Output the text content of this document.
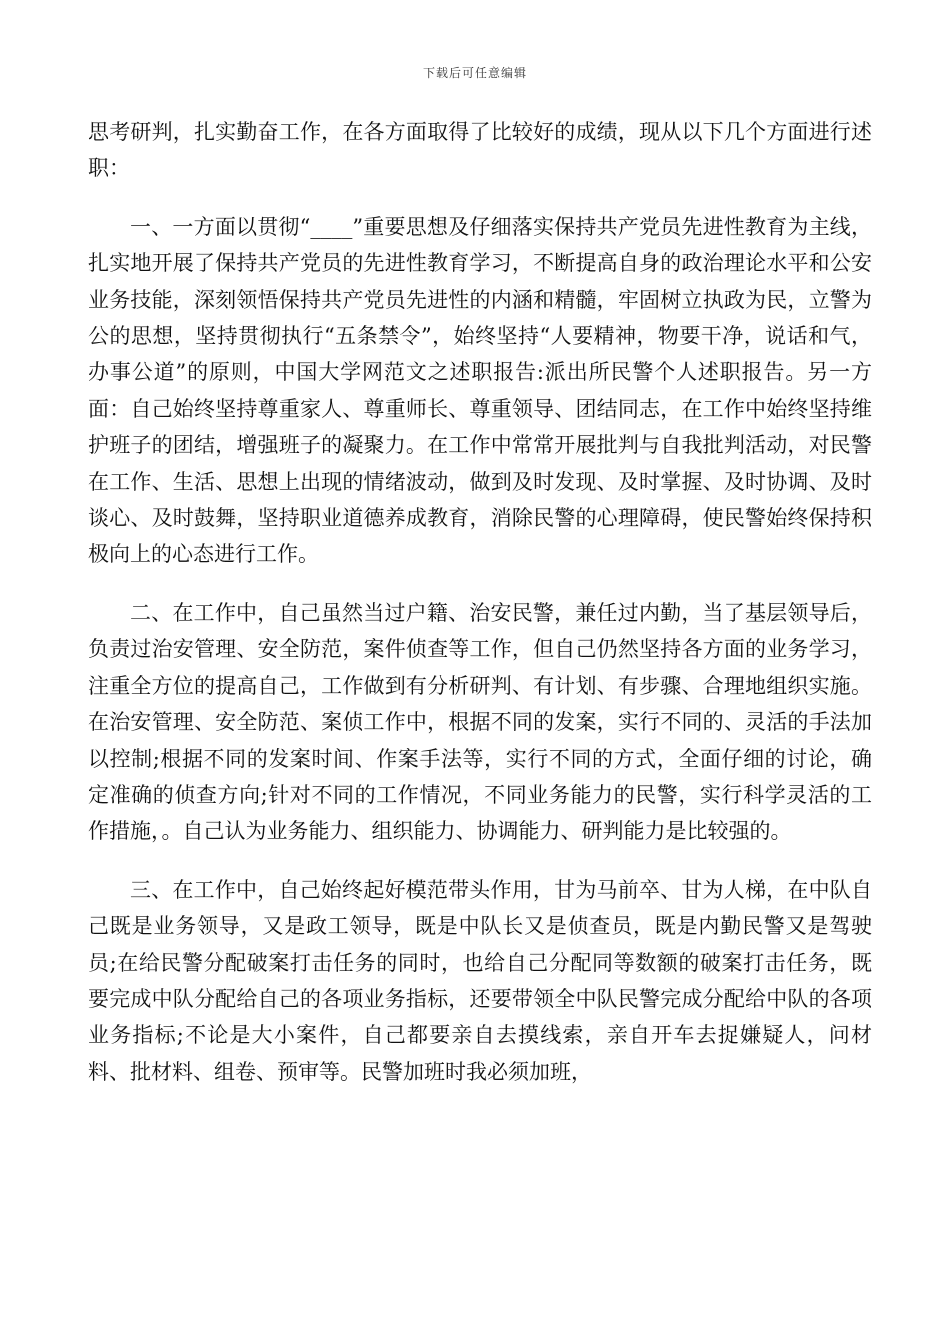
下载后可任意编辑

思考研判，扎实勤奋工作，在各方面取得了比较好的成绩，现从以下几个方面进行述职：

一、一方面以贯彻“____”重要思想及仔细落实保持共产党员先进性教育为主线，扎实地开展了保持共产党员的先进性教育学习，不断提高自身的政治理论水平和公安业务技能，深刻领悟保持共产党员先进性的内涵和精髓，牢固树立执政为民，立警为公的思想，坚持贯彻执行“五条禁令”，始终坚持“人要精神，物要干净，说话和气，办事公道”的原则，中国大学网范文之述职报告:派出所民警个人述职报告。另一方面：自己始终坚持尊重家人、尊重师长、尊重领导、团结同志，在工作中始终坚持维护班子的团结，增强班子的凝聚力。在工作中常常开展批判与自我批判活动，对民警在工作、生活、思想上出现的情绪波动，做到及时发现、及时掌握、及时协调、及时谈心、及时鼓舞，坚持职业道德养成教育，消除民警的心理障碍，使民警始终保持积极向上的心态进行工作。

二、在工作中，自己虽然当过户籍、治安民警，兼任过内勤，当了基层领导后，负责过治安管理、安全防范，案件侦查等工作，但自己仍然坚持各方面的业务学习，注重全方位的提高自己，工作做到有分析研判、有计划、有步骤、合理地组织实施。在治安管理、安全防范、案侦工作中，根据不同的发案，实行不同的、灵活的手法加以控制;根据不同的发案时间、作案手法等，实行不同的方式，全面仔细的讨论，确定准确的侦查方向;针对不同的工作情况，不同业务能力的民警，实行科学灵活的工作措施，。自己认为业务能力、组织能力、协调能力、研判能力是比较强的。

三、在工作中，自己始终起好模范带头作用，甘为马前卒、甘为人梯，在中队自己既是业务领导，又是政工领导，既是中队长又是侦查员，既是内勤民警又是驾驶员;在给民警分配破案打击任务的同时，也给自己分配同等数额的破案打击任务，既要完成中队分配给自己的各项业务指标，还要带领全中队民警完成分配给中队的各项业务指标;不论是大小案件，自己都要亲自去摸线索，亲自开车去捉嫌疑人，问材料、批材料、组卷、预审等。民警加班时我必须加班，
